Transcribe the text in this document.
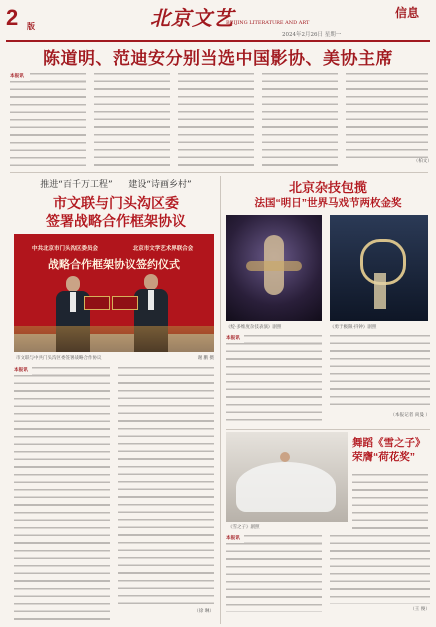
2 版	北京文艺
BEIJING LITERATURE AND ART
2024年2月26日 星期一
信息
陈道明、范迪安分别当选中国影协、美协主席
本报讯
（柏文）
推进“百千万工程” 建设“诗画乡村”
市文联与门头沟区委
签署战略合作框架协议
中共北京市门头沟区委员会	北京市文学艺术界联合会
战略合作框架协议签约仪式
市文联与中共门头沟区委签署战略合作协议	谢 鹏 摄
本报讯
（徐 琳）
北京杂技包揽
法国“明日”世界马戏节两枚金奖
《绽·多维度杂技表演》剧照	《勇于极限·抖钟》剧照
本报讯
（本报记者 尚曼 ）
《雪之子》剧照
舞蹈《雪之子》荣膺“荷花奖”
本报讯
（王 俊）
